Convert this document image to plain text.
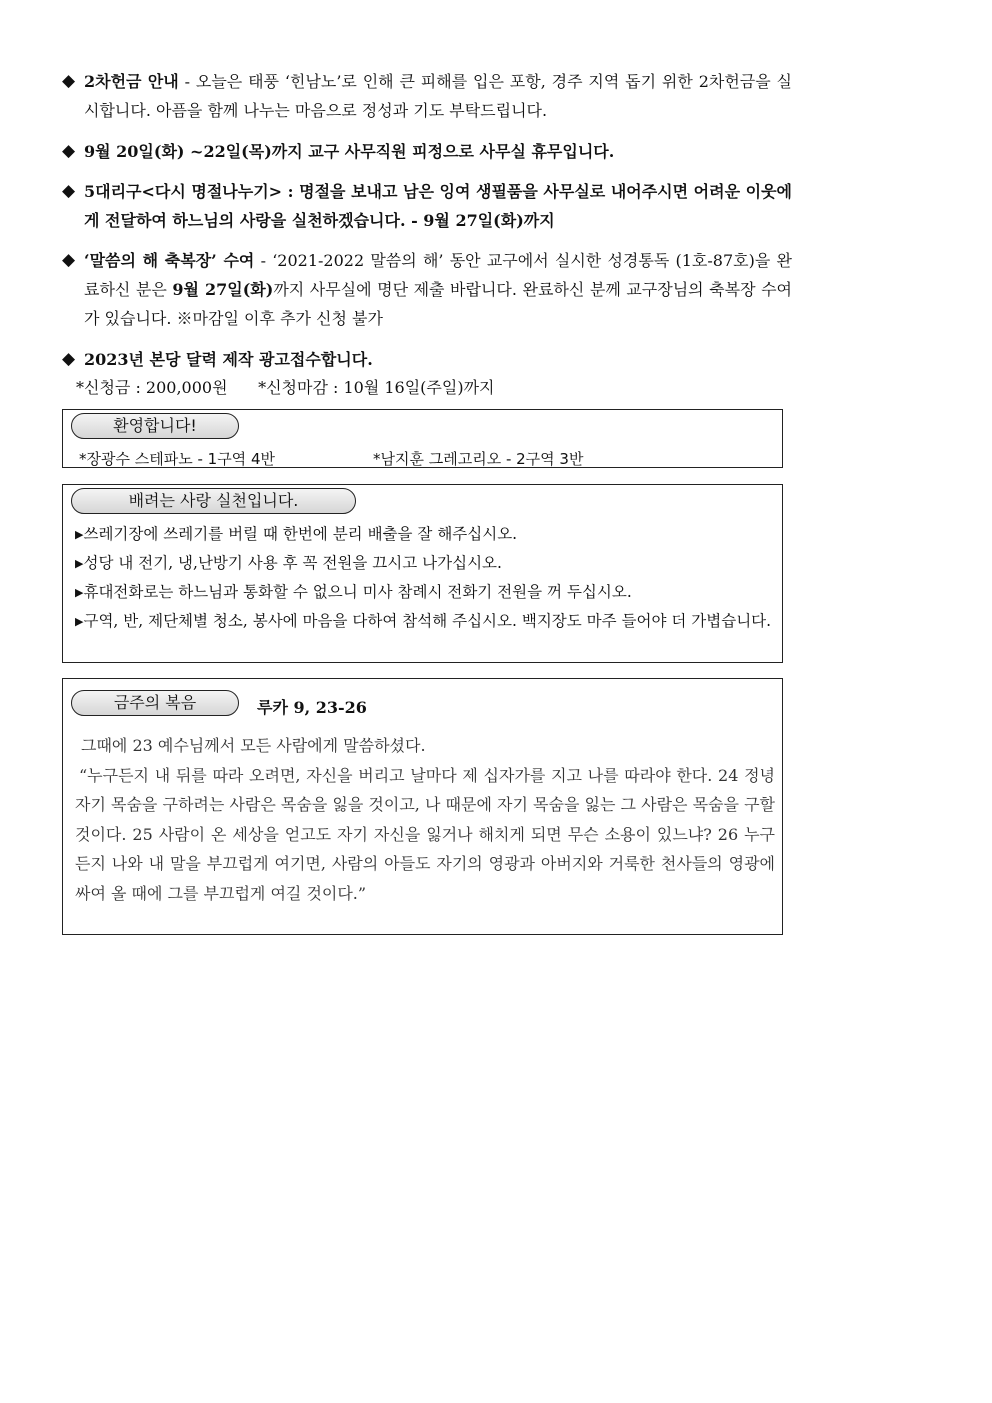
◆ 2차헌금 안내 - 오늘은 태풍 ‘힌남노’로 인해 큰 피해를 입은 포항, 경주 지역 돕기 위한 2차헌금을 실시합니다. 아픔을 함께 나누는 마음으로 정성과 기도 부탁드립니다.
◆ 9월 20일(화) ~22일(목)까지 교구 사무직원 피정으로 사무실 휴무입니다.
◆ 5대리구<다시 명절나누기> : 명절을 보내고 남은 잉여 생필품을 사무실로 내어주시면 어려운 이웃에게 전달하여 하느님의 사랑을 실천하겠습니다. - 9월 27일(화)까지
◆ ‘말씀의 해 축복장’ 수여 - ‘2021-2022 말씀의 해’ 동안 교구에서 실시한 성경통독 (1호-87호)을 완료하신 분은 9월 27일(화)까지 사무실에 명단 제출 바랍니다. 완료하신 분께 교구장님의 축복장 수여가 있습니다. ※마감일 이후 추가 신청 불가
◆ 2023년 본당 달력 제작 광고접수합니다.
*신청금 : 200,000원 *신청마감 : 10월 16일(주일)까지
환영합니다!
*장광수 스테파노 - 1구역 4반	*남지훈 그레고리오 - 2구역 3반
배려는 사랑 실천입니다.
▶쓰레기장에 쓰레기를 버릴 때 한번에 분리 배출을 잘 해주십시오.
▶성당 내 전기, 냉,난방기 사용 후 꼭 전원을 끄시고 나가십시오.
▶휴대전화로는 하느님과 통화할 수 없으니 미사 참례시 전화기 전원을 꺼 두십시오.
▶구역, 반, 제단체별 청소, 봉사에 마음을 다하여 참석해 주십시오. 백지장도 마주 들어야 더 가볍습니다.
금주의 복음	루카 9, 23-26
그때에 23 예수님께서 모든 사람에게 말씀하셨다.
“누구든지 내 뒤를 따라 오려면, 자신을 버리고 날마다 제 십자가를 지고 나를 따라야 한다. 24 정녕 자기 목숨을 구하려는 사람은 목숨을 잃을 것이고, 나 때문에 자기 목숨을 잃는 그 사람은 목숨을 구할 것이다. 25 사람이 온 세상을 얻고도 자기 자신을 잃거나 해치게 되면 무슨 소용이 있느냐? 26 누구든지 나와 내 말을 부끄럽게 여기면, 사람의 아들도 자기의 영광과 아버지와 거룩한 천사들의 영광에 싸여 올 때에 그를 부끄럽게 여길 것이다.”
